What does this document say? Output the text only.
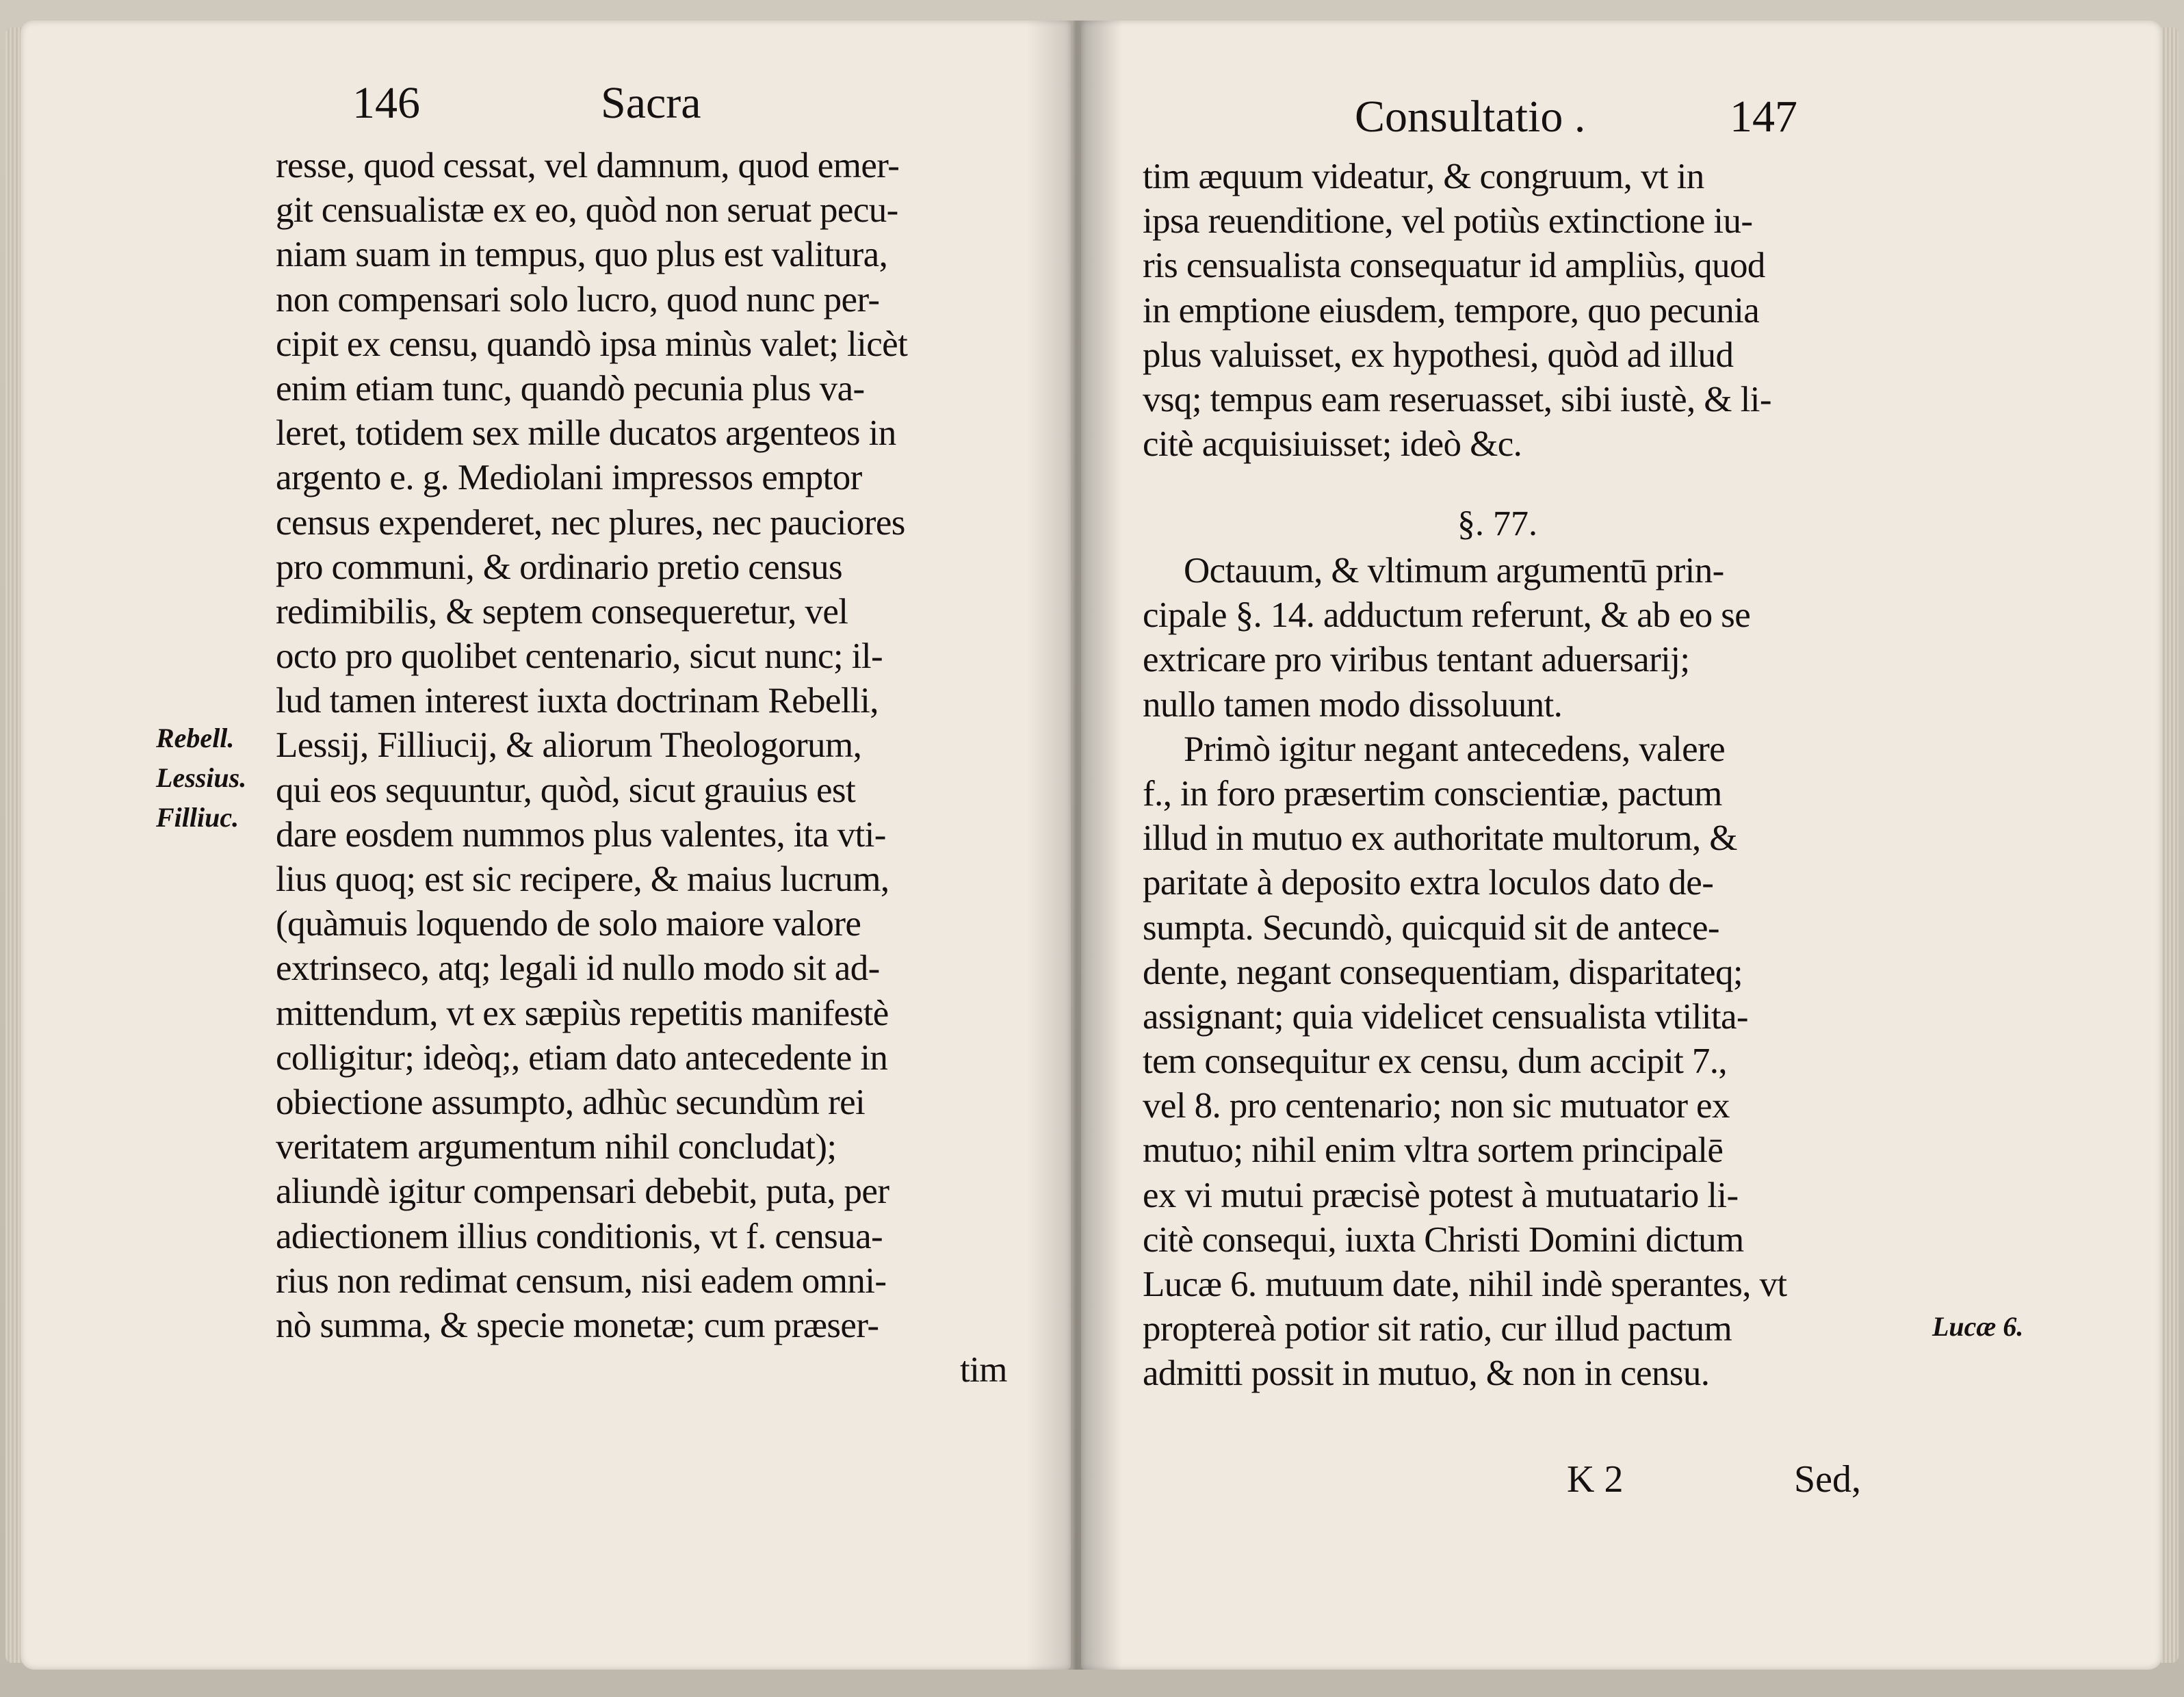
146	Sacra
resse, quod cessat, vel damnum, quod emer-
git censualistæ ex eo, quòd non seruat pecu-
niam suam in tempus, quo plus est valitura,
non compensari solo lucro, quod nunc per-
cipit ex censu, quandò ipsa minùs valet; licèt
enim etiam tunc, quandò pecunia plus va-
leret, totidem sex mille ducatos argenteos in
argento e. g. Mediolani impressos emptor
census expenderet, nec plures, nec pauciores
pro communi, & ordinario pretio census
redimibilis, & septem consequeretur, vel
octo pro quolibet centenario, sicut nunc; il-
lud tamen interest iuxta doctrinam Rebelli,
Lessij, Filliucij, & aliorum Theologorum,
qui eos sequuntur, quòd, sicut grauius est
dare eosdem nummos plus valentes, ita vti-
lius quoq; est sic recipere, & maius lucrum,
(quàmuis loquendo de solo maiore valore
extrinseco, atq; legali id nullo modo sit ad-
mittendum, vt ex sæpiùs repetitis manifestè
colligitur; ideòq;, etiam dato antecedente in
obiectione assumpto, adhùc secundùm rei
veritatem argumentum nihil concludat);
aliundè igitur compensari debebit, puta, per
adiectionem illius conditionis, vt f. censua-
rius non redimat censum, nisi eadem omni-
nò summa, & specie monetæ; cum præser-
tim
Rebell.
Lessius.
Filliuc.
Consultatio .	147
tim æquum videatur, & congruum, vt in
ipsa reuenditione, vel potiùs extinctione iu-
ris censualista consequatur id ampliùs, quod
in emptione eiusdem, tempore, quo pecunia
plus valuisset, ex hypothesi, quòd ad illud
vsq; tempus eam reseruasset, sibi iustè, & li-
citè acquisiuisset; ideò &c.
§. 77.
Octauum, & vltimum argumentū prin-
cipale §. 14. adductum referunt, & ab eo se
extricare pro viribus tentant aduersarij;
nullo tamen modo dissoluunt.
Primò igitur negant antecedens, valere
f., in foro præsertim conscientiæ, pactum
illud in mutuo ex authoritate multorum, &
paritate à deposito extra loculos dato de-
sumpta. Secundò, quicquid sit de antece-
dente, negant consequentiam, disparitateq;
assignant; quia videlicet censualista vtilita-
tem consequitur ex censu, dum accipit 7.,
vel 8. pro centenario; non sic mutuator ex
mutuo; nihil enim vltra sortem principalē
ex vi mutui præcisè potest à mutuatario li-
citè consequi, iuxta Christi Domini dictum
Lucæ 6. mutuum date, nihil indè sperantes, vt
proptereà potior sit ratio, cur illud pactum
admitti possit in mutuo, & non in censu.
Lucæ 6.
K 2	Sed,
